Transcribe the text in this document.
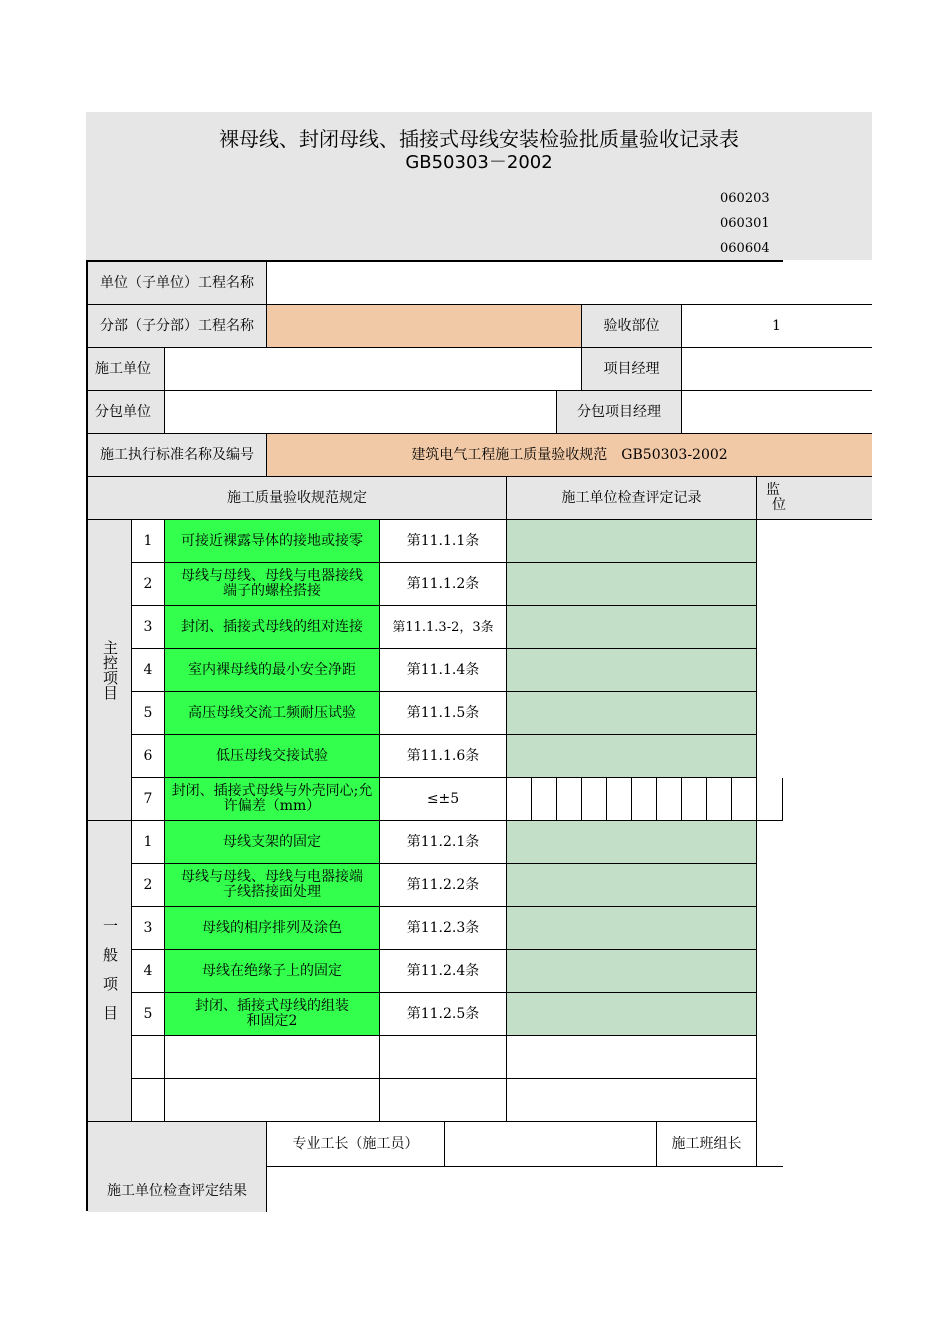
裸母线、封闭母线、插接式母线安装检验批质量验收记录表
GB50303－2002
060203
060301
060604
单位（子单位）工程名称
分部（子分部）工程名称	验收部位	1
施工单位	项目经理
分包单位	分包项目经理
施工执行标准名称及编号	建筑电气工程施工质量验收规范　GB50303-2002
施工质量验收规范规定	施工单位检查评定记录	监
位
主控项目
1	可接近裸露导体的接地或接零	第11.1.1条
2	母线与母线、母线与电器接线端子的螺栓搭接	第11.1.2条
3	封闭、插接式母线的组对连接	第11.1.3-2，3条
4	室内裸母线的最小安全净距	第11.1.4条
5	高压母线交流工频耐压试验	第11.1.5条
6	低压母线交接试验	第11.1.6条
7	封闭、插接式母线与外壳同心;允许偏差（mm）	≤±5
一般项目
1	母线支架的固定	第11.2.1条
2	母线与母线、母线与电器接端子线搭接面处理	第11.2.2条
3	母线的相序排列及涂色	第11.2.3条
4	母线在绝缘子上的固定	第11.2.4条
5	封闭、插接式母线的组装和固定2	第11.2.5条
施工单位检查评定结果
专业工长（施工员）	施工班组长
